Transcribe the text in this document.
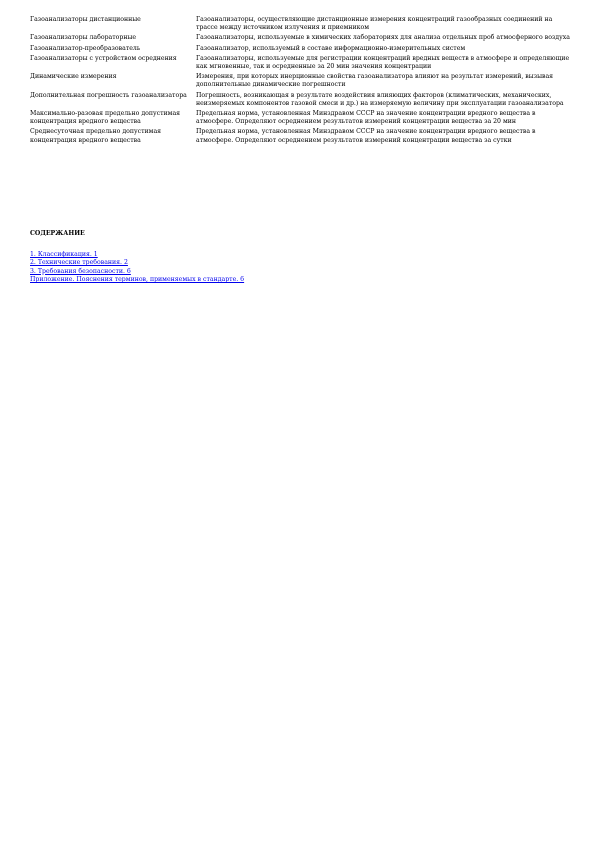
Газоанализаторы дистанционные	Газоанализаторы, осуществляющие дистанционные измерения концентраций газообразных соединений на трассе между источником излучения и приемником
Газоанализаторы лабораторные	Газоанализаторы, используемые в химических лабораториях для анализа отдельных проб атмосферного воздуха
Газоанализатор-преобразователь	Газоанализатор, используемый в составе информационно-измерительных систем
Газоанализаторы с устройством осреднения	Газоанализаторы, используемые для регистрации концентраций вредных веществ в атмосфере и определяющие как мгновенные, так и осредненные за 20 мин значения концентрации
Динамические измерения	Измерения, при которых инерционные свойства газоанализатора влияют на результат измерений, вызывая дополнительные динамические погрешности
Дополнительная погрешность газоанализатора	Погрешность, возникающая в результате воздействия влияющих факторов (климатических, механических, неизмеряемых компонентов газовой смеси и др.) на измеряемую величину при эксплуатации газоанализатора
Максимально-разовая предельно допустимая концентрация вредного вещества	Предельная норма, установленная Минздравом СССР на значение концентрации вредного вещества в атмосфере. Определяют осреднением результатов измерений концентрации вещества за 20 мин
Среднесуточная предельно допустимая концентрация вредного вещества	Предельная норма, установленная Минздравом СССР на значение концентрации вредного вещества в атмосфере. Определяют осреднением результатов измерений концентрации вещества за сутки
СОДЕРЖАНИЕ
1. Классификация. 1
2. Технические требования. 2
3. Требования безопасности. 6
Приложение. Пояснения терминов, применяемых в стандарте. 6
